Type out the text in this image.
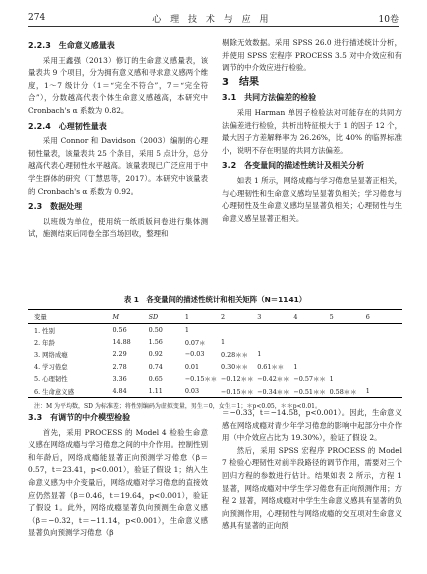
274	心 理 技 术 与 应 用	10卷
2.2.3　生命意义感量表

采用王鑫强（2013）修订的生命意义感量表，该量表共 9 个项目，分为拥有意义感和寻求意义感两个维度，1～7 级计分（1＝“完全不符合”，7＝“完全符合”），分数越高代表个体生命意义感越高，本研究中 Cronbach's α 系数为 0.82。

2.2.4　心理韧性量表

采用 Connor 和 Davidson（2003）编制的心理韧性量表，该量表共 25 个条目，采用 5 点计分，总分越高代表心理韧性水平越高。该量表现已广泛应用于中学生群体的研究（丁慧思等，2017）。本研究中该量表的 Cronbach's α 系数为 0.92。

2.3　数据处理

以班级为单位，使用统一纸质版问卷进行集体测试，施测结束后同卷全部当场回收，整理和

剔除无效数据。采用 SPSS 26.0 进行描述统计分析，并使用 SPSS 宏程序 PROCESS 3.5 对中介效应和有调节的中介效应进行检验。

3　结果
3.1　共同方法偏差的检验

采用 Harman 单因子检验法对可能存在的共同方法偏差进行检验，共析出特征根大于 1 的因子 12 个，最大因子方差解释率为 26.26%，比 40% 的临界标准小，说明不存在明显的共同方法偏差。

3.2　各变量间的描述性统计及相关分析

如表 1 所示，网络成瘾与学习倦怠呈显著正相关，与心理韧性和生命意义感均呈显著负相关；学习倦怠与心理韧性及生命意义感均呈显著负相关；心理韧性与生命意义感呈显著正相关。

表 1　各变量间的描述性统计和相关矩阵（N＝1141）
变量	M	SD	1	2	3	4	5	6
1. 性别	0.56	0.50	1					
2. 年龄	14.88	1.56	0.07＊	1				
3. 网络成瘾	2.29	0.92	−0.03	0.28＊＊	1			
4. 学习倦怠	2.78	0.74	0.01	0.30＊＊	0.61＊＊	1		
5. 心理韧性	3.36	0.65	−0.15＊＊	−0.12＊＊	−0.42＊＊	−0.57＊＊	1	
6. 生命意义感	4.84	1.11	0.03	−0.15＊＊	−0.34＊＊	−0.51＊＊	0.58＊＊	1
注：M 为平均数，SD 为标准差；将性别编码为虚拟变量，男生＝0，女生＝1；＊p<0.05，＊＊p<0.01。
3.3　有调节的中介模型检验

首先，采用 PROCESS 的 Model 4 检验生命意义感在网络成瘾与学习倦怠之间的中介作用。控制性别和年龄后，网络成瘾能显著正向预测学习倦怠（β＝0.57，t＝23.41，p<0.001），验证了假设 1；纳入生命意义感为中介变量后，网络成瘾对学习倦怠的直接效应仍然显著（β＝0.46，t＝19.64，p<0.001），验证了假设 1。此外，网络成瘾显著负向预测生命意义感（β＝−0.32，t＝−11.14，p<0.001），生命意义感显著负向预测学习倦怠（β

＝−0.33，t＝−14.58，p<0.001）。因此，生命意义感在网络成瘾对青少年学习倦怠的影响中起部分中介作用（中介效应占比为 19.30%），验证了假设 2。

然后，采用 SPSS 宏程序 PROCESS 的 Model 7 检验心理韧性对前半段路径的调节作用，需要对三个回归方程的参数进行估计。结果如表 2 所示，方程 1 显著，网络成瘾对中学生学习倦怠有正向预测作用；方程 2 显著，网络成瘾对中学生生命意义感具有显著的负向预测作用，心理韧性与网络成瘾的交互项对生命意义感具有显著的正向预
